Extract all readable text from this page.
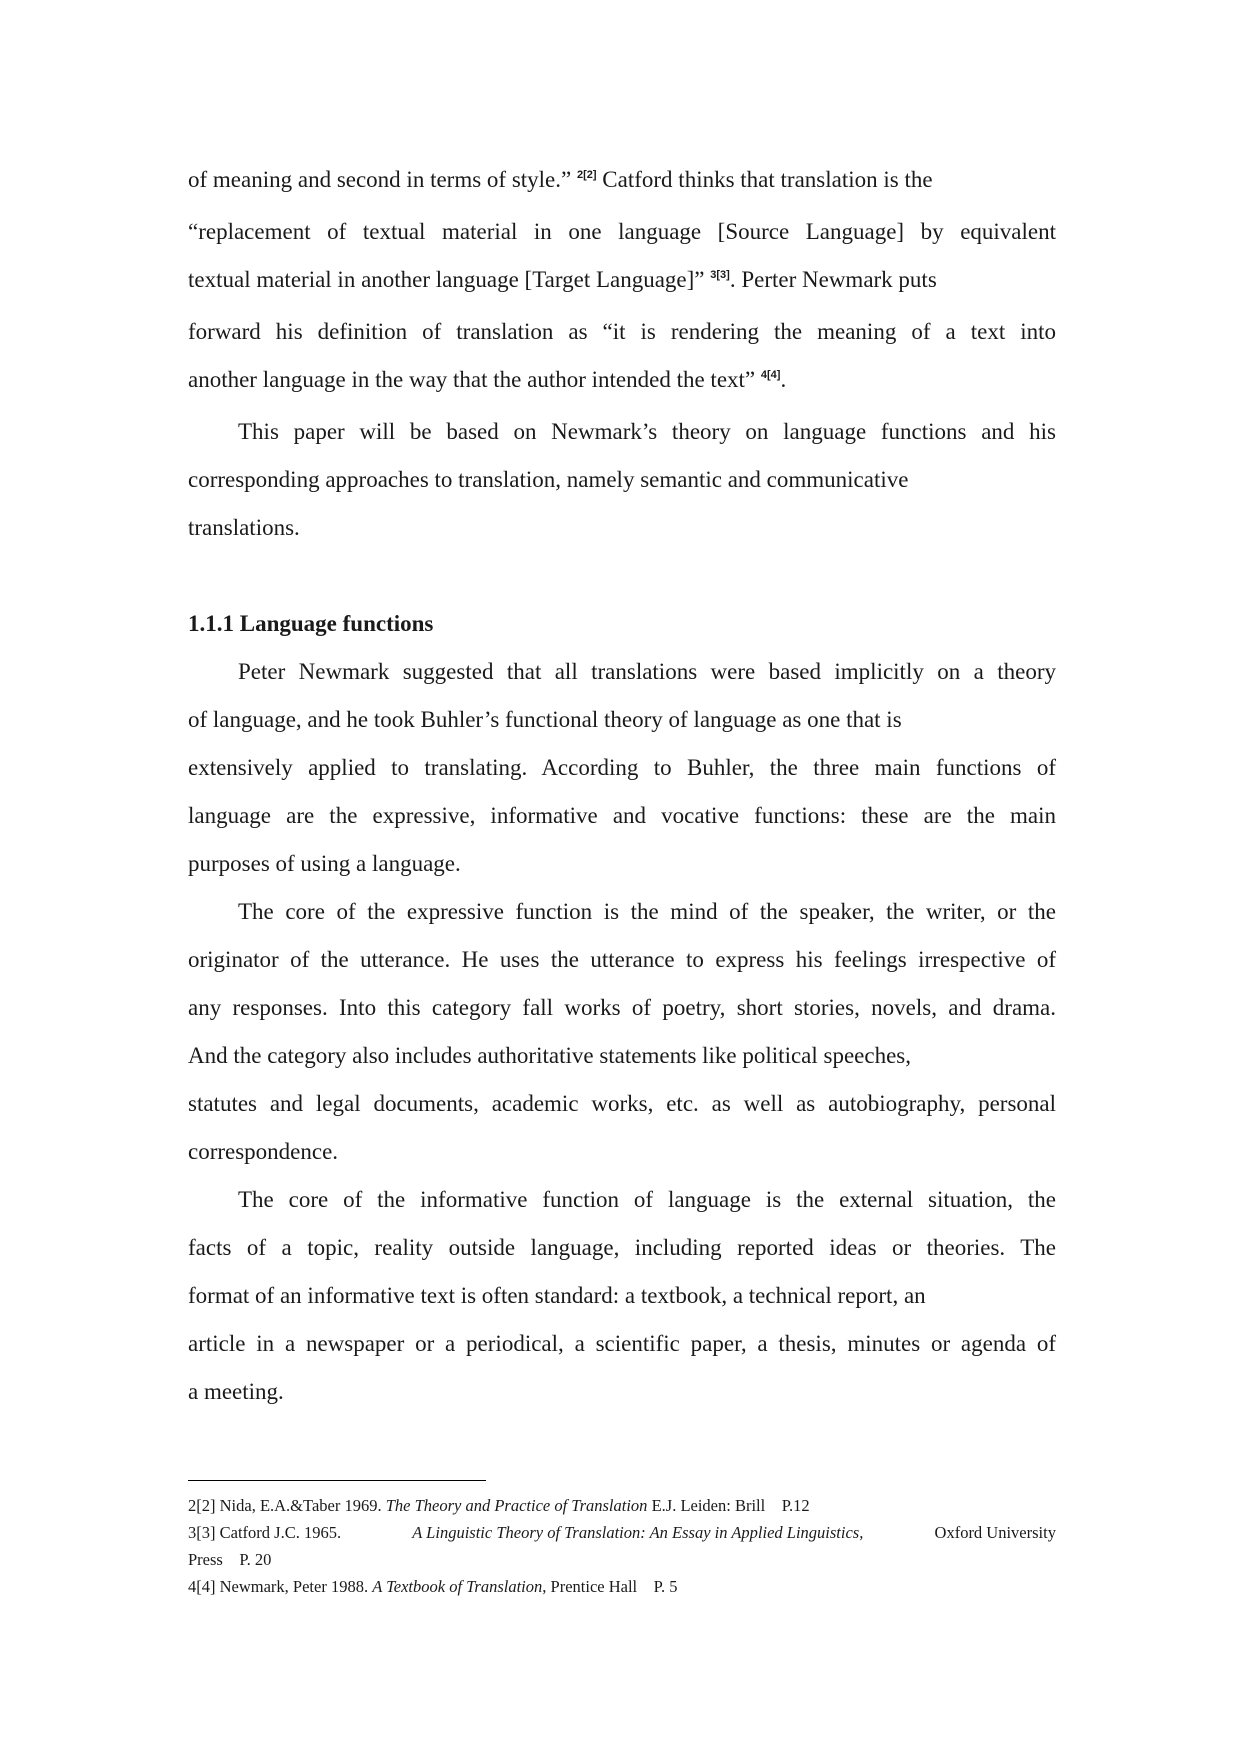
of meaning and second in terms of style.” $^{2[2]}$ Catford thinks that translation is the
“replacement of textual material in one language [Source Language] by equivalent
textual material in another language [Target Language]” $^{3[3]}$. Perter Newmark puts
forward his definition of translation as “it is rendering the meaning of a text into
another language in the way that the author intended the text” $^{4[4]}$.
This paper will be based on Newmark’s theory on language functions and his
corresponding approaches to translation, namely semantic and communicative
translations.
1.1.1 Language functions
Peter Newmark suggested that all translations were based implicitly on a theory
of language, and he took Buhler’s functional theory of language as one that is
extensively applied to translating. According to Buhler, the three main functions of
language are the expressive, informative and vocative functions: these are the main
purposes of using a language.
The core of the expressive function is the mind of the speaker, the writer, or the
originator of the utterance. He uses the utterance to express his feelings irrespective of
any responses. Into this category fall works of poetry, short stories, novels, and drama.
And the category also includes authoritative statements like political speeches,
statutes and legal documents, academic works, etc. as well as autobiography, personal
correspondence.
The core of the informative function of language is the external situation, the
facts of a topic, reality outside language, including reported ideas or theories. The
format of an informative text is often standard: a textbook, a technical report, an
article in a newspaper or a periodical, a scientific paper, a thesis, minutes or agenda of
a meeting.
2[2] Nida, E.A.&Taber 1969. The Theory and Practice of Translation E.J. Leiden: Brill    P.12
3[3] Catford J.C. 1965.	A Linguistic Theory of Translation: An Essay in Applied Linguistics,	Oxford University
Press    P. 20
4[4] Newmark, Peter 1988. A Textbook of Translation, Prentice Hall    P. 5
